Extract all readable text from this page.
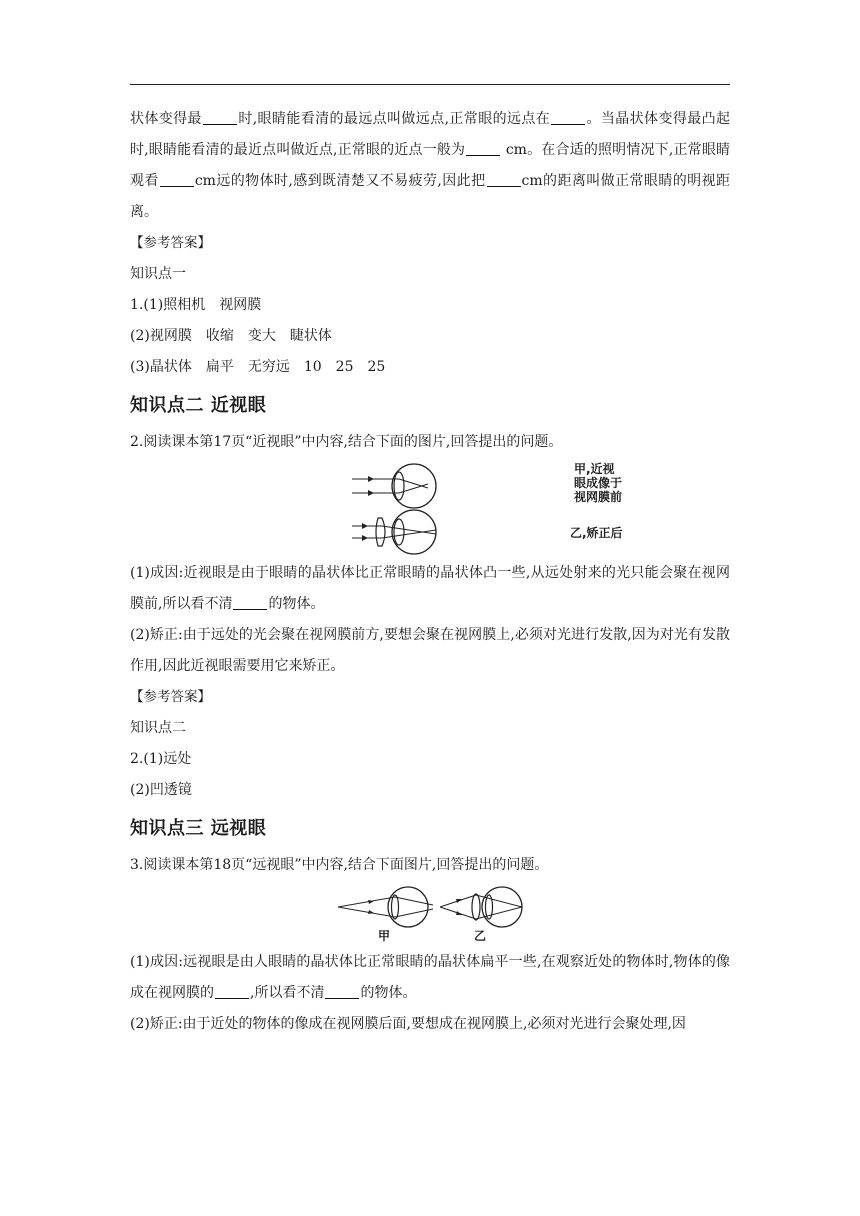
状体变得最	时,眼睛能看清的最远点叫做远点,正常眼的远点在	。当晶状体变得最凸起时,眼睛能看清的最近点叫做近点,正常眼的近点一般为	cm。在合适的照明情况下,正常眼睛观看	cm远的物体时,感到既清楚又不易疲劳,因此把	cm的距离叫做正常眼睛的明视距离。

【参考答案】

知识点一

1.(1)照相机 视网膜

(2)视网膜 收缩 变大 睫状体

(3)晶状体 扁平 无穷远 10 25 25

知识点二 近视眼

2.阅读课本第17页“近视眼”中内容,结合下面的图片,回答提出的问题。

甲,近视
眼成像于
视网膜前
乙,矫正后

(1)成因:近视眼是由于眼睛的晶状体比正常眼睛的晶状体凸一些,从远处射来的光只能会聚在视网膜前,所以看不清	的物体。

(2)矫正:由于远处的光会聚在视网膜前方,要想会聚在视网膜上,必须对光进行发散,因为对光有发散作用,因此近视眼需要用它来矫正。

【参考答案】

知识点二

2.(1)远处

(2)凹透镜

知识点三 远视眼

3.阅读课本第18页“远视眼”中内容,结合下面图片,回答提出的问题。

甲	乙

(1)成因:远视眼是由人眼睛的晶状体比正常眼睛的晶状体扁平一些,在观察近处的物体时,物体的像成在视网膜的	,所以看不清	的物体。

(2)矫正:由于近处的物体的像成在视网膜后面,要想成在视网膜上,必须对光进行会聚处理,因
